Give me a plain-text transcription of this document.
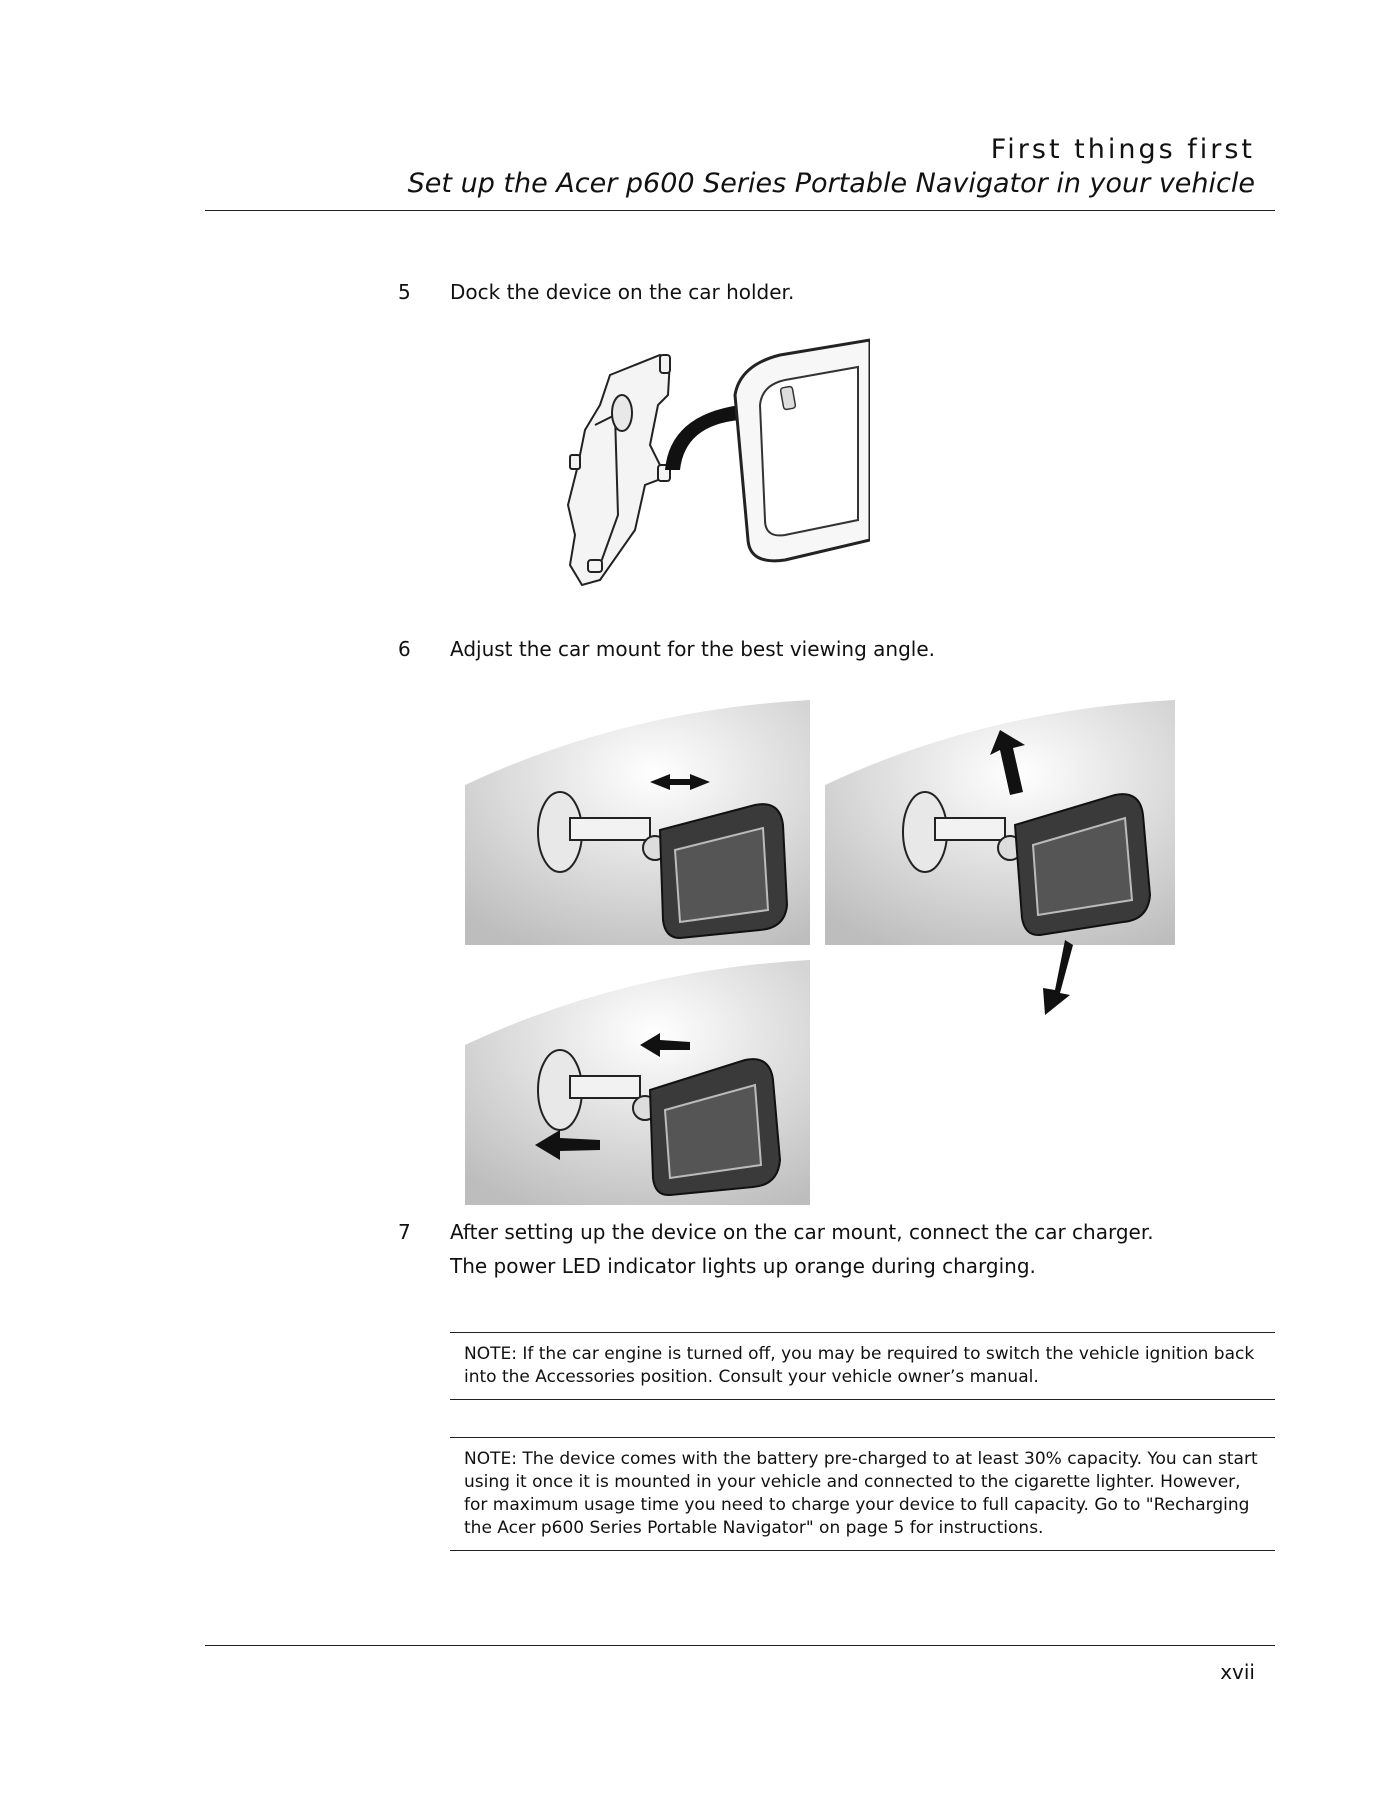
First things first
Set up the Acer p600 Series Portable Navigator in your vehicle
5 Dock the device on the car holder.
6 Adjust the car mount for the best viewing angle.
7 After setting up the device on the car mount, connect the car charger.
The power LED indicator lights up orange during charging.

NOTE: If the car engine is turned off, you may be required to switch the vehicle ignition back into the Accessories position. Consult your vehicle owner’s manual.

NOTE: The device comes with the battery pre-charged to at least 30% capacity. You can start using it once it is mounted in your vehicle and connected to the cigarette lighter. However, for maximum usage time you need to charge your device to full capacity. Go to "Recharging the Acer p600 Series Portable Navigator" on page 5 for instructions.

xvii
